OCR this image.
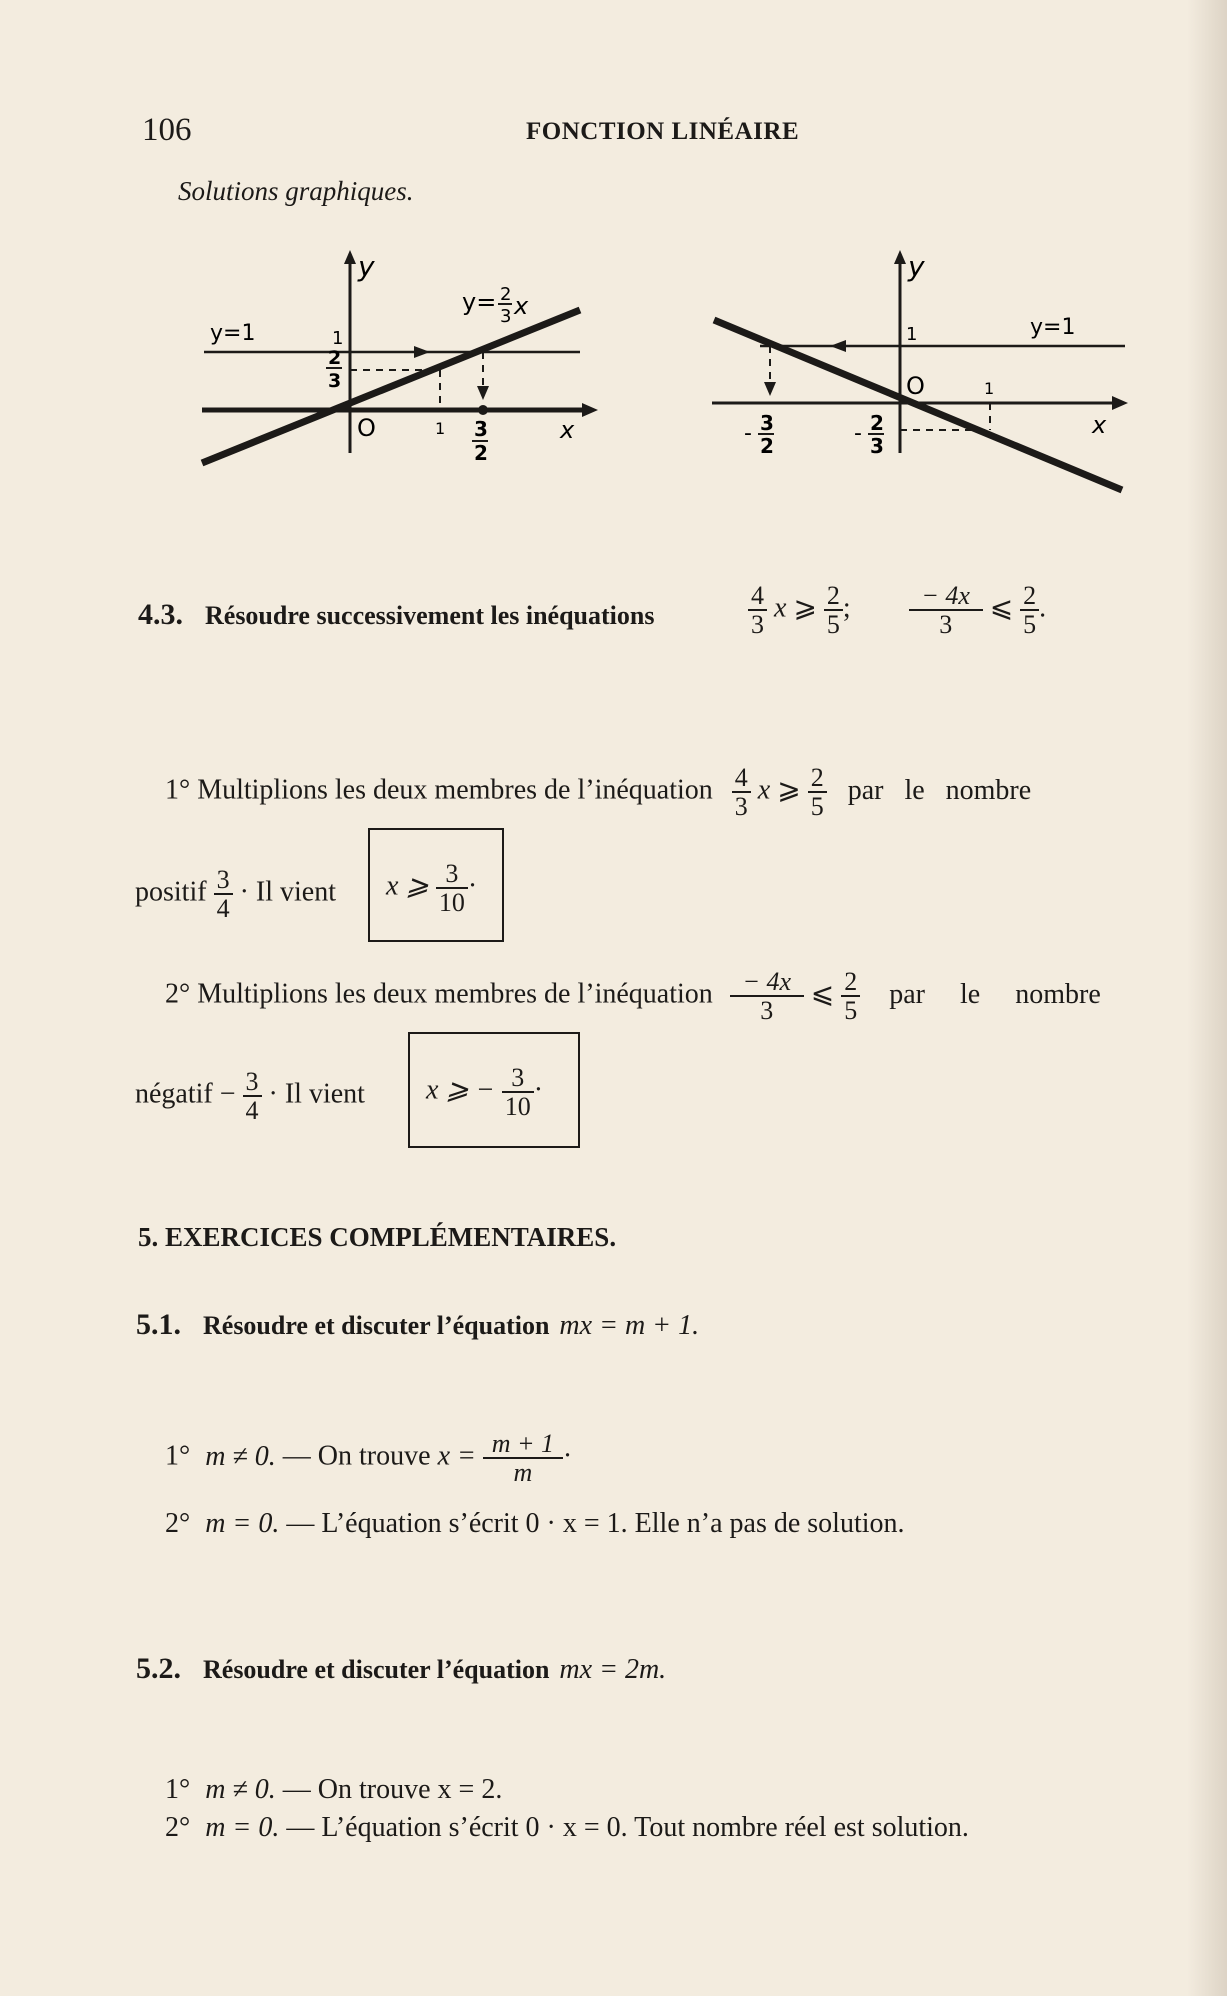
106	FONCTION LINÉAIRE
Solutions graphiques.
y
y=1
y= 2
3 x
1
2
3
O	1 3
2
x
y
y=1
1
O	1
- 3
2	- 2
3
x
4.3. Résoudre successivement les inéquations	$\frac{4}{3}$ x ⩾ $\frac{2}{5}$ ; $\frac{- 4x}{3}$ ⩽ $\frac{2}{5}$ .
1° Multiplions les deux membres de l’inéquation $\frac{4}{3}$ x ⩾ $\frac{2}{5}$ par le nombre
positif $\frac{3}{4} \cdot Il$ vient x ⩾ $\frac{3}{10}$ ·
2° Multiplions les deux membres de l’inéquation $\frac{- 4x}{3}$ ⩽ $\frac{2}{5}$ par le nombre
négatif − $\frac{3}{4} \cdot Il$ vient x ⩾ − $\frac{3}{10}$ ·
5. EXERCICES COMPLÉMENTAIRES.
5.1. Résoudre et discuter l’équation mx = m + 1.
1° m ≠ 0. — On trouve $x = \frac{m + 1}{m}$ ·
2° m = 0. — L’équation s’écrit 0 · x = 1. Elle n’a pas de solution.
5.2. Résoudre et discuter l’équation mx = 2m.
1° m ≠ 0. — On trouve x = 2.
2° m = 0. — L’équation s’écrit 0 · x = 0. Tout nombre réel est solution.
